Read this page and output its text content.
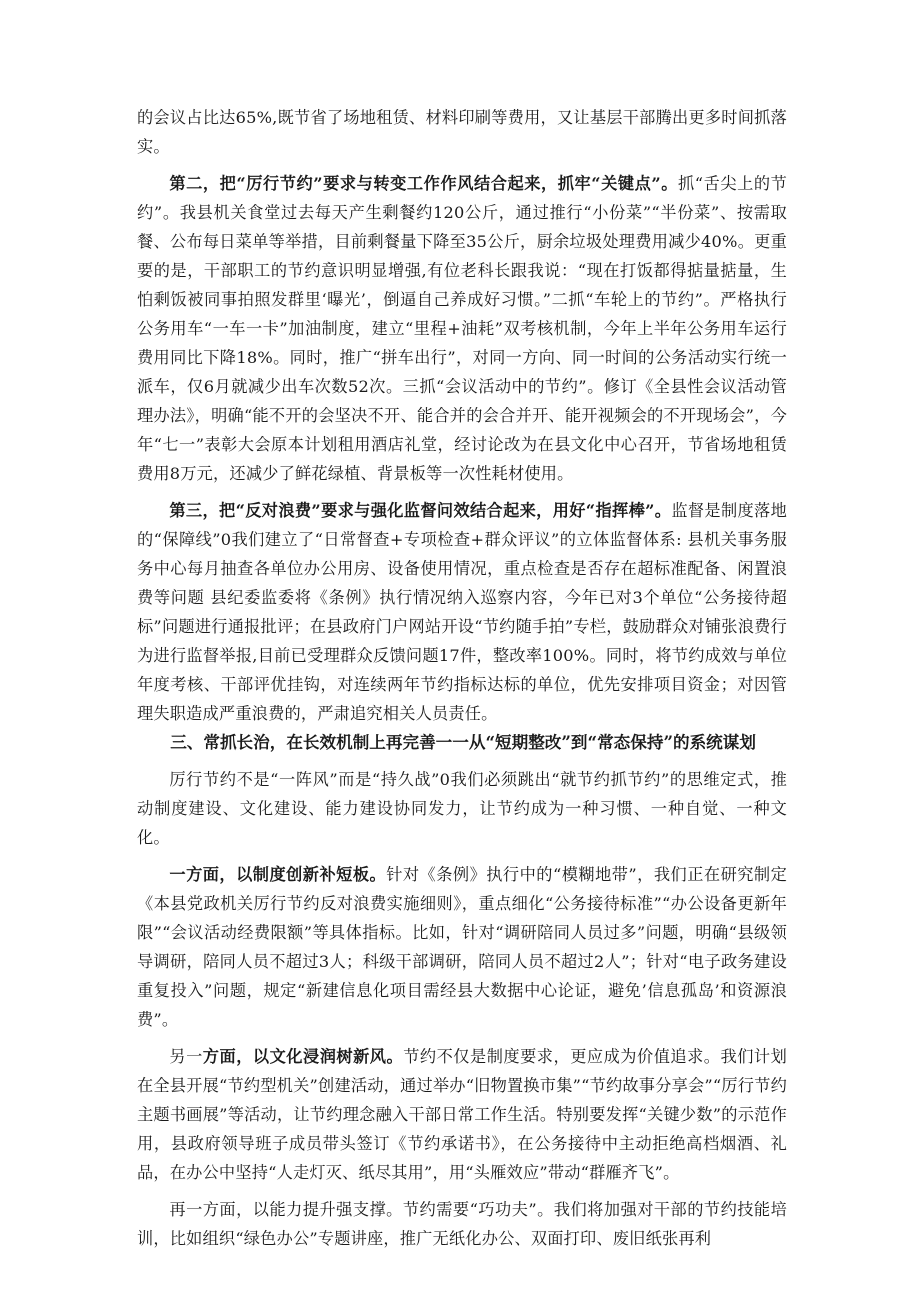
的会议占比达65%,既节省了场地租赁、材料印刷等费用，又让基层干部腾出更多时间抓落实。

第二，把“厉行节约”要求与转变工作作风结合起来，抓牢“关键点”。抓“舌尖上的节约”。我县机关食堂过去每天产生剩餐约120公斤，通过推行“小份菜”“半份菜”、按需取餐、公布每日菜单等举措，目前剩餐量下降至35公斤，厨余垃圾处理费用减少40%。更重要的是，干部职工的节约意识明显增强,有位老科长跟我说：“现在打饭都得掂量掂量，生怕剩饭被同事拍照发群里‘曝光’，倒逼自己养成好习惯。”二抓“车轮上的节约”。严格执行公务用车“一车一卡”加油制度，建立“里程+油耗”双考核机制，今年上半年公务用车运行费用同比下降18%。同时，推广“拼车出行”，对同一方向、同一时间的公务活动实行统一派车，仅6月就减少出车次数52次。三抓“会议活动中的节约”。修订《全县性会议活动管理办法》，明确“能不开的会坚决不开、能合并的会合并开、能开视频会的不开现场会”，今年“七一”表彰大会原本计划租用酒店礼堂，经讨论改为在县文化中心召开，节省场地租赁费用8万元，还减少了鲜花绿植、背景板等一次性耗材使用。

第三，把“反对浪费”要求与强化监督问效结合起来，用好“指挥棒”。监督是制度落地的“保障线”0我们建立了“日常督查+专项检查+群众评议”的立体监督体系: 县机关事务服务中心每月抽查各单位办公用房、设备使用情况，重点检查是否存在超标准配备、闲置浪费等问题 县纪委监委将《条例》执行情况纳入巡察内容，今年已对3个单位“公务接待超标”问题进行通报批评；在县政府门户网站开设“节约随手拍”专栏，鼓励群众对铺张浪费行为进行监督举报,目前已受理群众反馈问题17件，整改率100%。同时，将节约成效与单位年度考核、干部评优挂钩，对连续两年节约指标达标的单位，优先安排项目资金；对因管理失职造成严重浪费的，严肃追究相关人员责任。

三、常抓长治，在长效机制上再完善一一从“短期整改”到“常态保持”的系统谋划

厉行节约不是“一阵风”而是“持久战”0我们必须跳出“就节约抓节约”的思维定式，推动制度建设、文化建设、能力建设协同发力，让节约成为一种习惯、一种自觉、一种文化。

一方面，以制度创新补短板。针对《条例》执行中的“模糊地带”，我们正在研究制定《本县党政机关厉行节约反对浪费实施细则》，重点细化“公务接待标准”“办公设备更新年限”“会议活动经费限额”等具体指标。比如，针对“调研陪同人员过多”问题，明确“县级领导调研，陪同人员不超过3人；科级干部调研，陪同人员不超过2人”；针对“电子政务建设重复投入”问题，规定“新建信息化项目需经县大数据中心论证，避免’信息孤岛’和资源浪费”。

另一方面，以文化浸润树新风。节约不仅是制度要求，更应成为价值追求。我们计划在全县开展“节约型机关”创建活动，通过举办“旧物置换市集”“节约故事分享会”“厉行节约主题书画展”等活动，让节约理念融入干部日常工作生活。特别要发挥“关键少数”的示范作用，县政府领导班子成员带头签订《节约承诺书》，在公务接待中主动拒绝高档烟酒、礼品，在办公中坚持“人走灯灭、纸尽其用”，用“头雁效应”带动“群雁齐飞”。

再一方面，以能力提升强支撑。节约需要“巧功夫”。我们将加强对干部的节约技能培训，比如组织“绿色办公”专题讲座，推广无纸化办公、双面打印、废旧纸张再利
